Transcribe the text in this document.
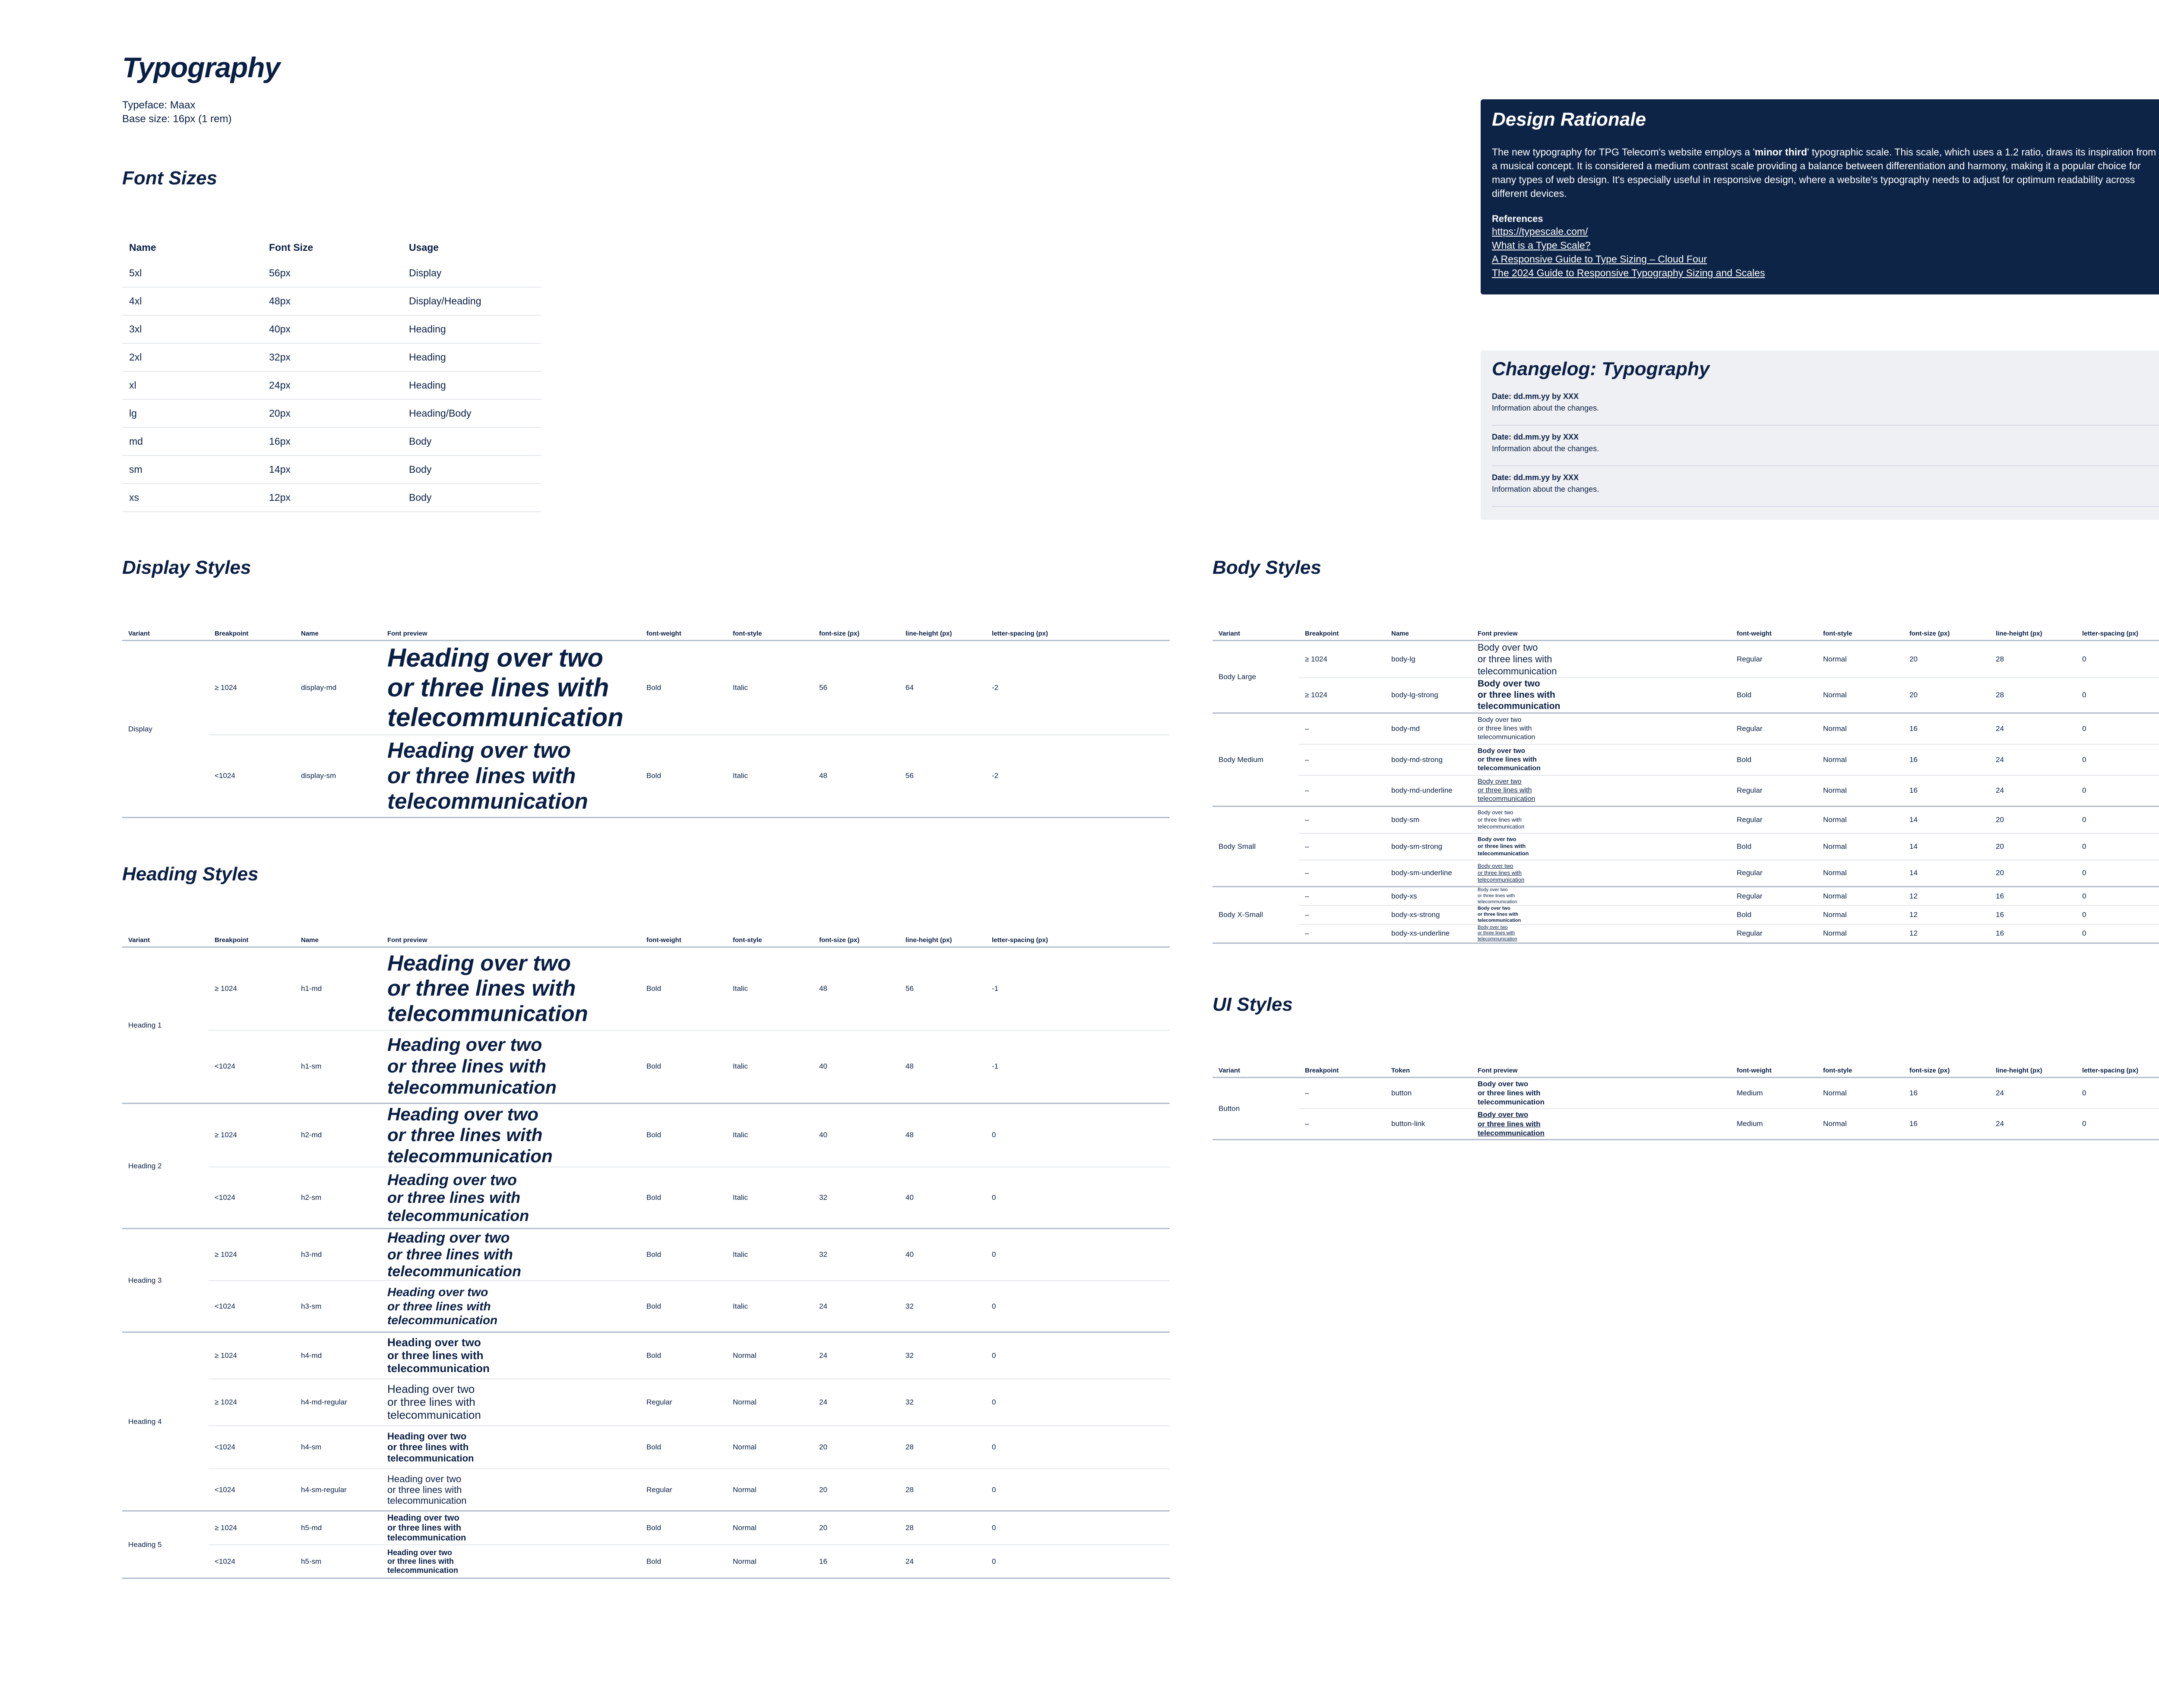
Typography
Typeface: Maax
Base size: 16px (1 rem)
Font Sizes
Name	Font Size	Usage
5xl	56px	Display
4xl	48px	Display/Heading
3xl	40px	Heading
2xl	32px	Heading
xl	24px	Heading
lg	20px	Heading/Body
md	16px	Body
sm	14px	Body
xs	12px	Body
Design Rationale

The new typography for TPG Telecom's website employs a 'minor third' typographic scale. This scale, which uses a 1.2 ratio, draws its inspiration from a musical concept. It is considered a medium contrast scale providing a balance between differentiation and harmony, making it a popular choice for many types of web design. It's especially useful in responsive design, where a website's typography needs to adjust for optimum readability across different devices.

References
https://typescale.com/
What is a Type Scale?
A Responsive Guide to Type Sizing – Cloud Four
The 2024 Guide to Responsive Typography Sizing and Scales
Changelog: Typography
Date: dd.mm.yy by XXX
Information about the changes.
Date: dd.mm.yy by XXX
Information about the changes.
Date: dd.mm.yy by XXX
Information about the changes.
Display Styles
Heading Styles
Body Styles
UI Styles
Variant	Breakpoint	Name	Font preview	font-weight	font-style	font-size (px)	line-height (px)	letter-spacing (px)
Display	≥ 1024	display-md	Heading over two
or three lines with
telecommunication	Bold	Italic	56	64	-2
	<1024	display-sm	Heading over two
or three lines with
telecommunication	Bold	Italic	48	56	-2
Variant	Breakpoint	Name	Font preview	font-weight	font-style	font-size (px)	line-height (px)	letter-spacing (px)
Heading 1	≥ 1024	h1-md	Heading over two
or three lines with
telecommunication	Bold	Italic	48	56	-1
	<1024	h1-sm	Heading over two
or three lines with
telecommunication	Bold	Italic	40	48	-1
Heading 2	≥ 1024	h2-md	Heading over two
or three lines with
telecommunication	Bold	Italic	40	48	0
	<1024	h2-sm	Heading over two
or three lines with
telecommunication	Bold	Italic	32	40	0
Heading 3	≥ 1024	h3-md	Heading over two
or three lines with
telecommunication	Bold	Italic	32	40	0
	<1024	h3-sm	Heading over two
or three lines with
telecommunication	Bold	Italic	24	32	0
Heading 4	≥ 1024	h4-md	Heading over two
or three lines with
telecommunication	Bold	Normal	24	32	0
	≥ 1024	h4-md-regular	Heading over two
or three lines with
telecommunication	Regular	Normal	24	32	0
	<1024	h4-sm	Heading over two
or three lines with
telecommunication	Bold	Normal	20	28	0
	<1024	h4-sm-regular	Heading over two
or three lines with
telecommunication	Regular	Normal	20	28	0
Heading 5	≥ 1024	h5-md	Heading over two
or three lines with
telecommunication	Bold	Normal	20	28	0
	<1024	h5-sm	Heading over two
or three lines with
telecommunication	Bold	Normal	16	24	0
Variant	Breakpoint	Name	Font preview	font-weight	font-style	font-size (px)	line-height (px)	letter-spacing (px)
Body Large	≥ 1024	body-lg	Body over two
or three lines with
telecommunication	Regular	Normal	20	28	0
	≥ 1024	body-lg-strong	Body over two
or three lines with
telecommunication	Bold	Normal	20	28	0
Body Medium	–	body-md	Body over two
or three lines with
telecommunication	Regular	Normal	16	24	0
	–	body-md-strong	Body over two
or three lines with
telecommunication	Bold	Normal	16	24	0
	–	body-md-underline	Body over two
or three lines with
telecommunication	Regular	Normal	16	24	0
Body Small	–	body-sm	Body over two
or three lines with
telecommunication	Regular	Normal	14	20	0
	–	body-sm-strong	Body over two
or three lines with
telecommunication	Bold	Normal	14	20	0
	–	body-sm-underline	Body over two
or three lines with
telecommunication	Regular	Normal	14	20	0
Body X-Small	–	body-xs	Body over two
or three lines with
telecommunication	Regular	Normal	12	16	0
	–	body-xs-strong	Body over two
or three lines with
telecommunication	Bold	Normal	12	16	0
	–	body-xs-underline	Body over two
or three lines with
telecommunication	Regular	Normal	12	16	0
Variant	Breakpoint	Token	Font preview	font-weight	font-style	font-size (px)	line-height (px)	letter-spacing (px)
Button	–	button	Body over two
or three lines with
telecommunication	Medium	Normal	16	24	0
	–	button-link	Body over two
or three lines with
telecommunication	Medium	Normal	16	24	0
